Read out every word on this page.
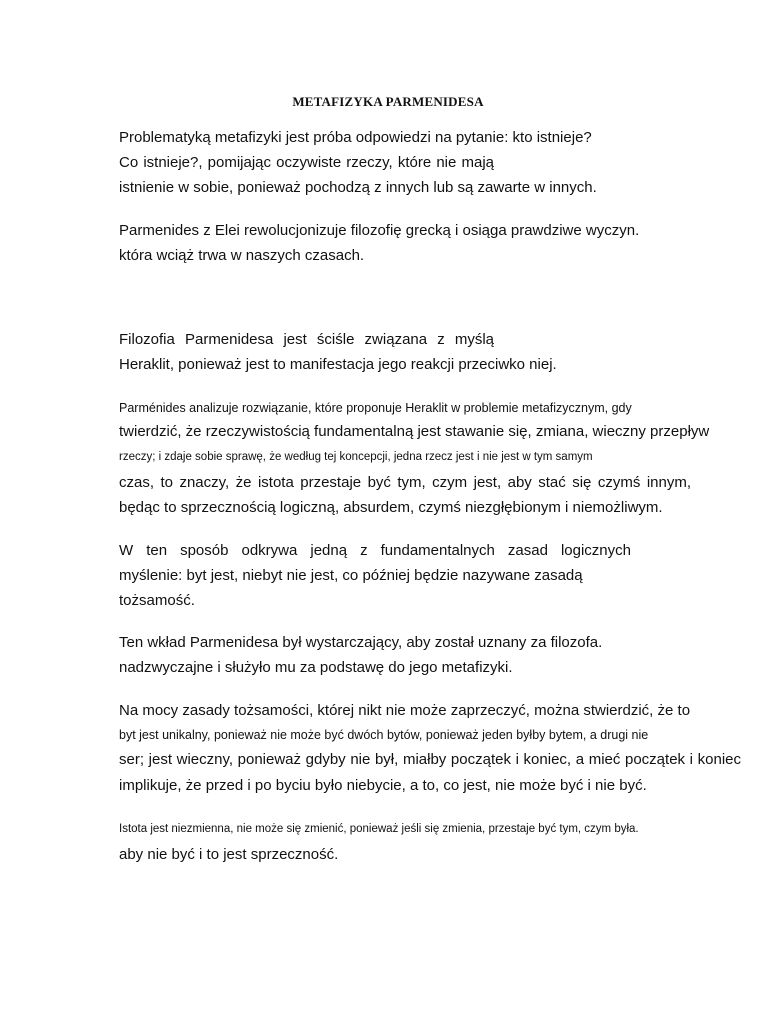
METAFIZYKA PARMENIDESA
Problematyką metafizyki jest próba odpowiedzi na pytanie: kto istnieje?
Co istnieje?, pomijając oczywiste rzeczy, które nie mają
istnienie w sobie, ponieważ pochodzą z innych lub są zawarte w innych.
Parmenides z Elei rewolucjonizuje filozofię grecką i osiąga prawdziwe wyczyn.
która wciąż trwa w naszych czasach.
Filozofia Parmenidesa jest ściśle związana z myślą
Heraklit, ponieważ jest to manifestacja jego reakcji przeciwko niej.
Parménides analizuje rozwiązanie, które proponuje Heraklit w problemie metafizycznym, gdy
twierdzić, że rzeczywistością fundamentalną jest stawanie się, zmiana, wieczny przepływ
rzeczy; i zdaje sobie sprawę, że według tej koncepcji, jedna rzecz jest i nie jest w tym samym
czas, to znaczy, że istota przestaje być tym, czym jest, aby stać się czymś innym,
będąc to sprzecznością logiczną, absurdem, czymś niezgłębionym i niemożliwym.
W ten sposób odkrywa jedną z fundamentalnych zasad logicznych
myślenie: byt jest, niebyt nie jest, co później będzie nazywane zasadą
tożsamość.
Ten wkład Parmenidesa był wystarczający, aby został uznany za filozofa.
nadzwyczajne i służyło mu za podstawę do jego metafizyki.
Na mocy zasady tożsamości, której nikt nie może zaprzeczyć, można stwierdzić, że to
byt jest unikalny, ponieważ nie może być dwóch bytów, ponieważ jeden byłby bytem, a drugi nie
ser; jest wieczny, ponieważ gdyby nie był, miałby początek i koniec, a mieć początek i koniec
implikuje, że przed i po byciu było niebycie, a to, co jest, nie może być i nie być.
Istota jest niezmienna, nie może się zmienić, ponieważ jeśli się zmienia, przestaje być tym, czym była.
aby nie być i to jest sprzeczność.
